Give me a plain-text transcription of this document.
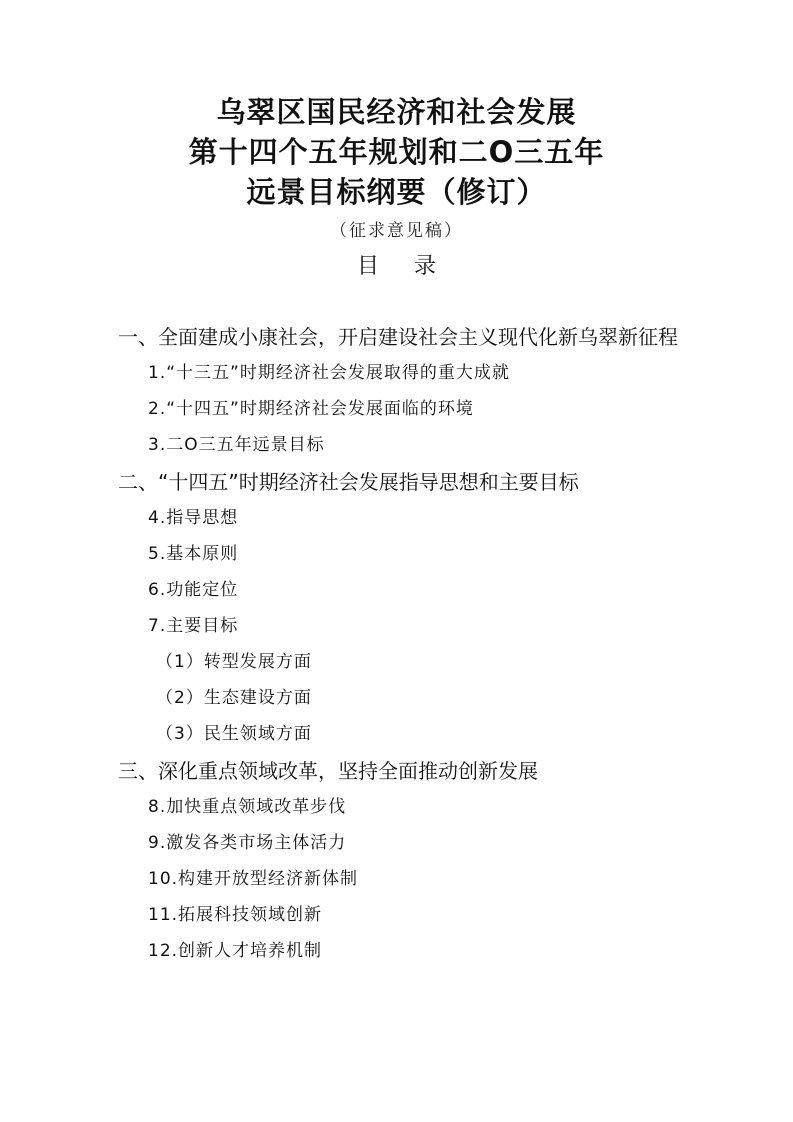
乌翠区国民经济和社会发展
第十四个五年规划和二O三五年
远景目标纲要（修订）
（征求意见稿）
目 录
一、全面建成小康社会，开启建设社会主义现代化新乌翠新征程
1.“十三五”时期经济社会发展取得的重大成就
2.“十四五”时期经济社会发展面临的环境
3.二O三五年远景目标
二、“十四五”时期经济社会发展指导思想和主要目标
4.指导思想
5.基本原则
6.功能定位
7.主要目标
（1）转型发展方面
（2）生态建设方面
（3）民生领域方面
三、深化重点领域改革，坚持全面推动创新发展
8.加快重点领域改革步伐
9.激发各类市场主体活力
10.构建开放型经济新体制
11.拓展科技领域创新
12.创新人才培养机制
